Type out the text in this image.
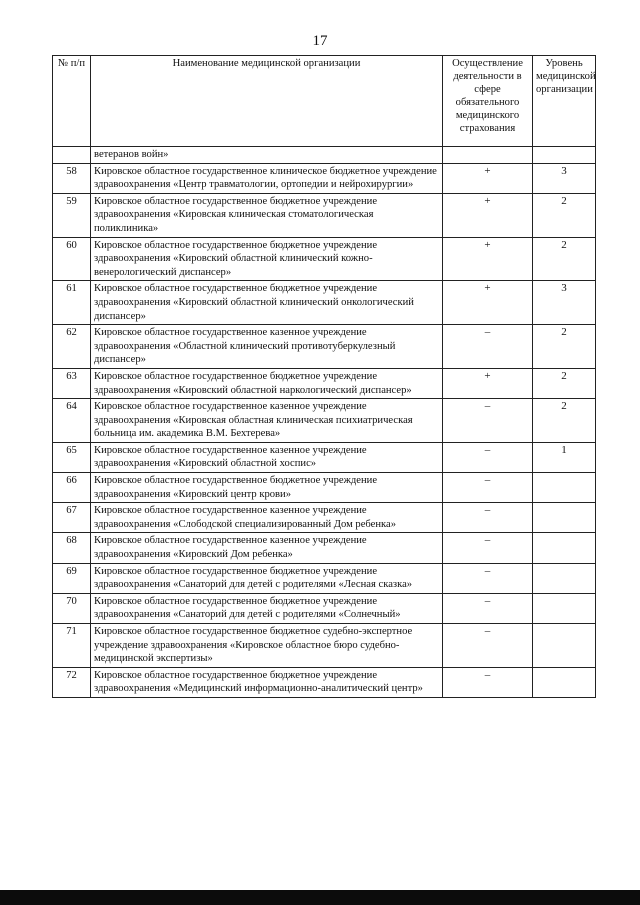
17
№ п/п	Наименование медицинской организации	Осуществление деятельности в сфере обязательного медицинского страхования	Уровень медицинской организации
	ветеранов войн»		
58	Кировское областное государственное клиническое бюджетное учреждение здравоохранения «Центр травматологии, ортопедии и нейрохирургии»	+	3
59	Кировское областное государственное бюджетное учреждение здравоохранения «Кировская клиническая стоматологическая поликлиника»	+	2
60	Кировское областное государственное бюджетное учреждение здравоохранения «Кировский областной клинический кожно-венерологический диспансер»	+	2
61	Кировское областное государственное бюджетное учреждение здравоохранения «Кировский областной клинический онкологический диспансер»	+	3
62	Кировское областное государственное казенное учреждение здравоохранения «Областной клинический противотуберкулезный диспансер»	–	2
63	Кировское областное государственное бюджетное учреждение здравоохранения «Кировский областной наркологический диспансер»	+	2
64	Кировское областное государственное казенное учреждение здравоохранения «Кировская областная клиническая психиатрическая больница им. академика В.М. Бехтерева»	–	2
65	Кировское областное государственное казенное учреждение здравоохранения «Кировский областной хоспис»	–	1
66	Кировское областное государственное бюджетное учреждение здравоохранения «Кировский центр крови»	–	
67	Кировское областное государственное казенное учреждение здравоохранения «Слободской специализированный Дом ребенка»	–	
68	Кировское областное государственное казенное учреждение здравоохранения «Кировский Дом ребенка»	–	
69	Кировское областное государственное бюджетное учреждение здравоохранения «Санаторий для детей с родителями «Лесная сказка»	–	
70	Кировское областное государственное бюджетное учреждение здравоохранения «Санаторий для детей с родителями «Солнечный»	–	
71	Кировское областное государственное бюджетное судебно-экспертное учреждение здравоохранения «Кировское областное бюро судебно-медицинской экспертизы»	–	
72	Кировское областное государственное бюджетное учреждение здравоохранения «Медицинский информационно-аналитический центр»	–	
